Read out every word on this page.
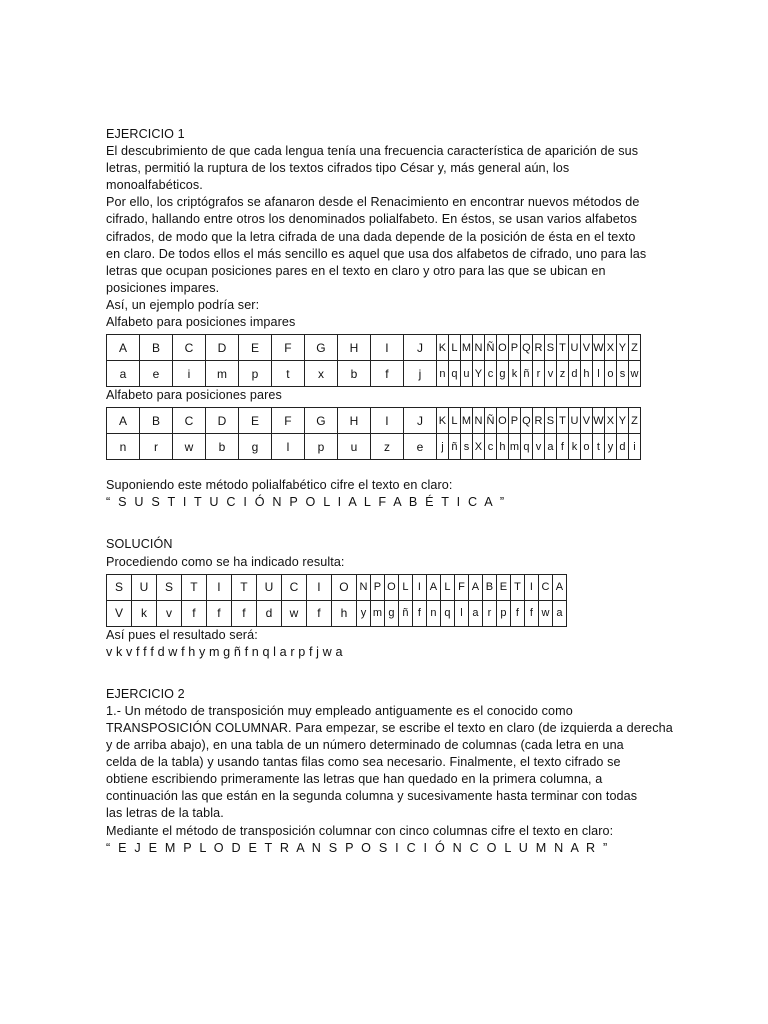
EJERCICIO 1
El descubrimiento de que cada lengua tenía una frecuencia característica de aparición de sus
letras, permitió la ruptura de los textos cifrados tipo César y, más general aún, los
monoalfabéticos.
Por ello, los criptógrafos se afanaron desde el Renacimiento en encontrar nuevos métodos de
cifrado, hallando entre otros los denominados polialfabeto. En éstos, se usan varios alfabetos
cifrados, de modo que la letra cifrada de una dada depende de la posición de ésta en el texto
en claro. De todos ellos el más sencillo es aquel que usa dos alfabetos de cifrado, uno para las
letras que ocupan posiciones pares en el texto en claro y otro para las que se ubican en
posiciones impares.
Así, un ejemplo podría ser:
Alfabeto para posiciones impares
A	B	C	D	E	F	G	H	I	J	K	L	M	N	Ñ	O	P	Q	R	S	T	U	V	W	X	Y	Z
a	e	i	m	p	t	x	b	f	j	n	q	u	Y	c	g	k	ñ	r	v	z	d	h	l	o	s	w
Alfabeto para posiciones pares
A	B	C	D	E	F	G	H	I	J	K	L	M	N	Ñ	O	P	Q	R	S	T	U	V	W	X	Y	Z
n	r	w	b	g	l	p	u	z	e	j	ñ	s	X	c	h	m	q	v	a	f	k	o	t	y	d	i
Suponiendo este método polialfabético cifre el texto en claro:
“ S U S T I T U C I Ó N P O L I A L F A B É T I C A ”
SOLUCIÓN
Procediendo como se ha indicado resulta:
S	U	S	T	I	T	U	C	I	O	N	P	O	L	I	A	L	F	A	B	E	T	I	C	A
V	k	v	f	f	f	d	w	f	h	y	m	g	ñ	f	n	q	l	a	r	p	f	f	w	a
Así pues el resultado será:
v k v f f f d w f h y m g ñ f n q l a r p f j w a
EJERCICIO 2
1.- Un método de transposición muy empleado antiguamente es el conocido como
TRANSPOSICIÓN COLUMNAR. Para empezar, se escribe el texto en claro (de izquierda a derecha
y de arriba abajo), en una tabla de un número determinado de columnas (cada letra en una
celda de la tabla) y usando tantas filas como sea necesario. Finalmente, el texto cifrado se
obtiene escribiendo primeramente las letras que han quedado en la primera columna, a
continuación las que están en la segunda columna y sucesivamente hasta terminar con todas
las letras de la tabla.
Mediante el método de transposición columnar con cinco columnas cifre el texto en claro:
“ E J E M P L O D E T R A N S P O S I C I Ó N C O L U M N A R ”
